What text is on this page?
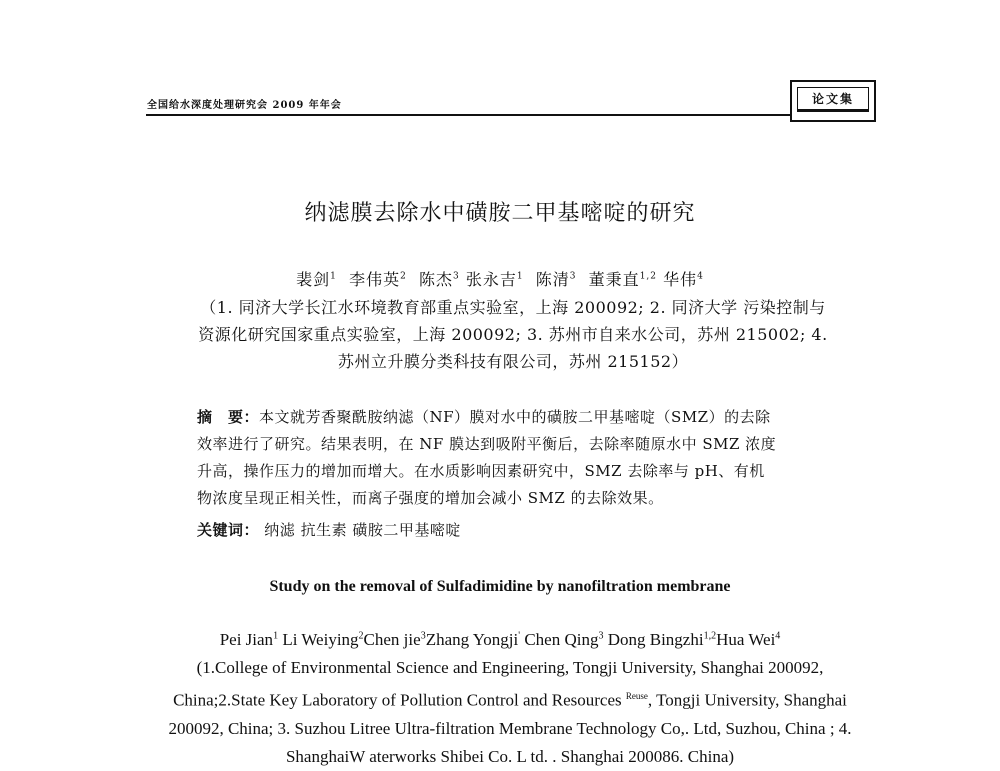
全国给水深度处理研究会 2009 年年会	论文集
纳滤膜去除水中磺胺二甲基嘧啶的研究
裴剑$^1$ 李伟英$^2$ 陈杰$^3$ 张永吉$^1$ 陈清$^3$ 董秉直$^{1,2}$ 华伟$^4$
（1. 同济大学长江水环境教育部重点实验室，上海 200092; 2. 同济大学 污染控制与
资源化研究国家重点实验室，上海 200092; 3. 苏州市自来水公司，苏州 215002; 4.
苏州立升膜分类科技有限公司，苏州 215152）
摘　要：本文就芳香聚酰胺纳滤（NF）膜对水中的磺胺二甲基嘧啶（SMZ）的去除
效率进行了研究。结果表明，在 NF 膜达到吸附平衡后，去除率随原水中 SMZ 浓度
升高，操作压力的增加而增大。在水质影响因素研究中，SMZ 去除率与 pH、有机
物浓度呈现正相关性，而离子强度的增加会减小 SMZ 的去除效果。
关键词： 纳滤 抗生素 磺胺二甲基嘧啶
Study on the removal of Sulfadimidine by nanofiltration membrane
Pei Jian$^1$ Li Weiying$^2$Chen jie$^3$Zhang Yongji' Chen Qing$^3$ Dong Bingzhi$^{1,2}$Hua Wei$^4$
(1.College of Environmental Science and Engineering, Tongji University, Shanghai 200092,
China;2.State Key Laboratory of Pollution Control and Resources $^{Reuse}$, Tongji University, Shanghai
200092, China; 3. Suzhou Litree Ultra-filtration Membrane Technology Co,. Ltd, Suzhou, China ; 4.
ShanghaiW aterworks Shibei Co. L td. . Shanghai 200086. China)
